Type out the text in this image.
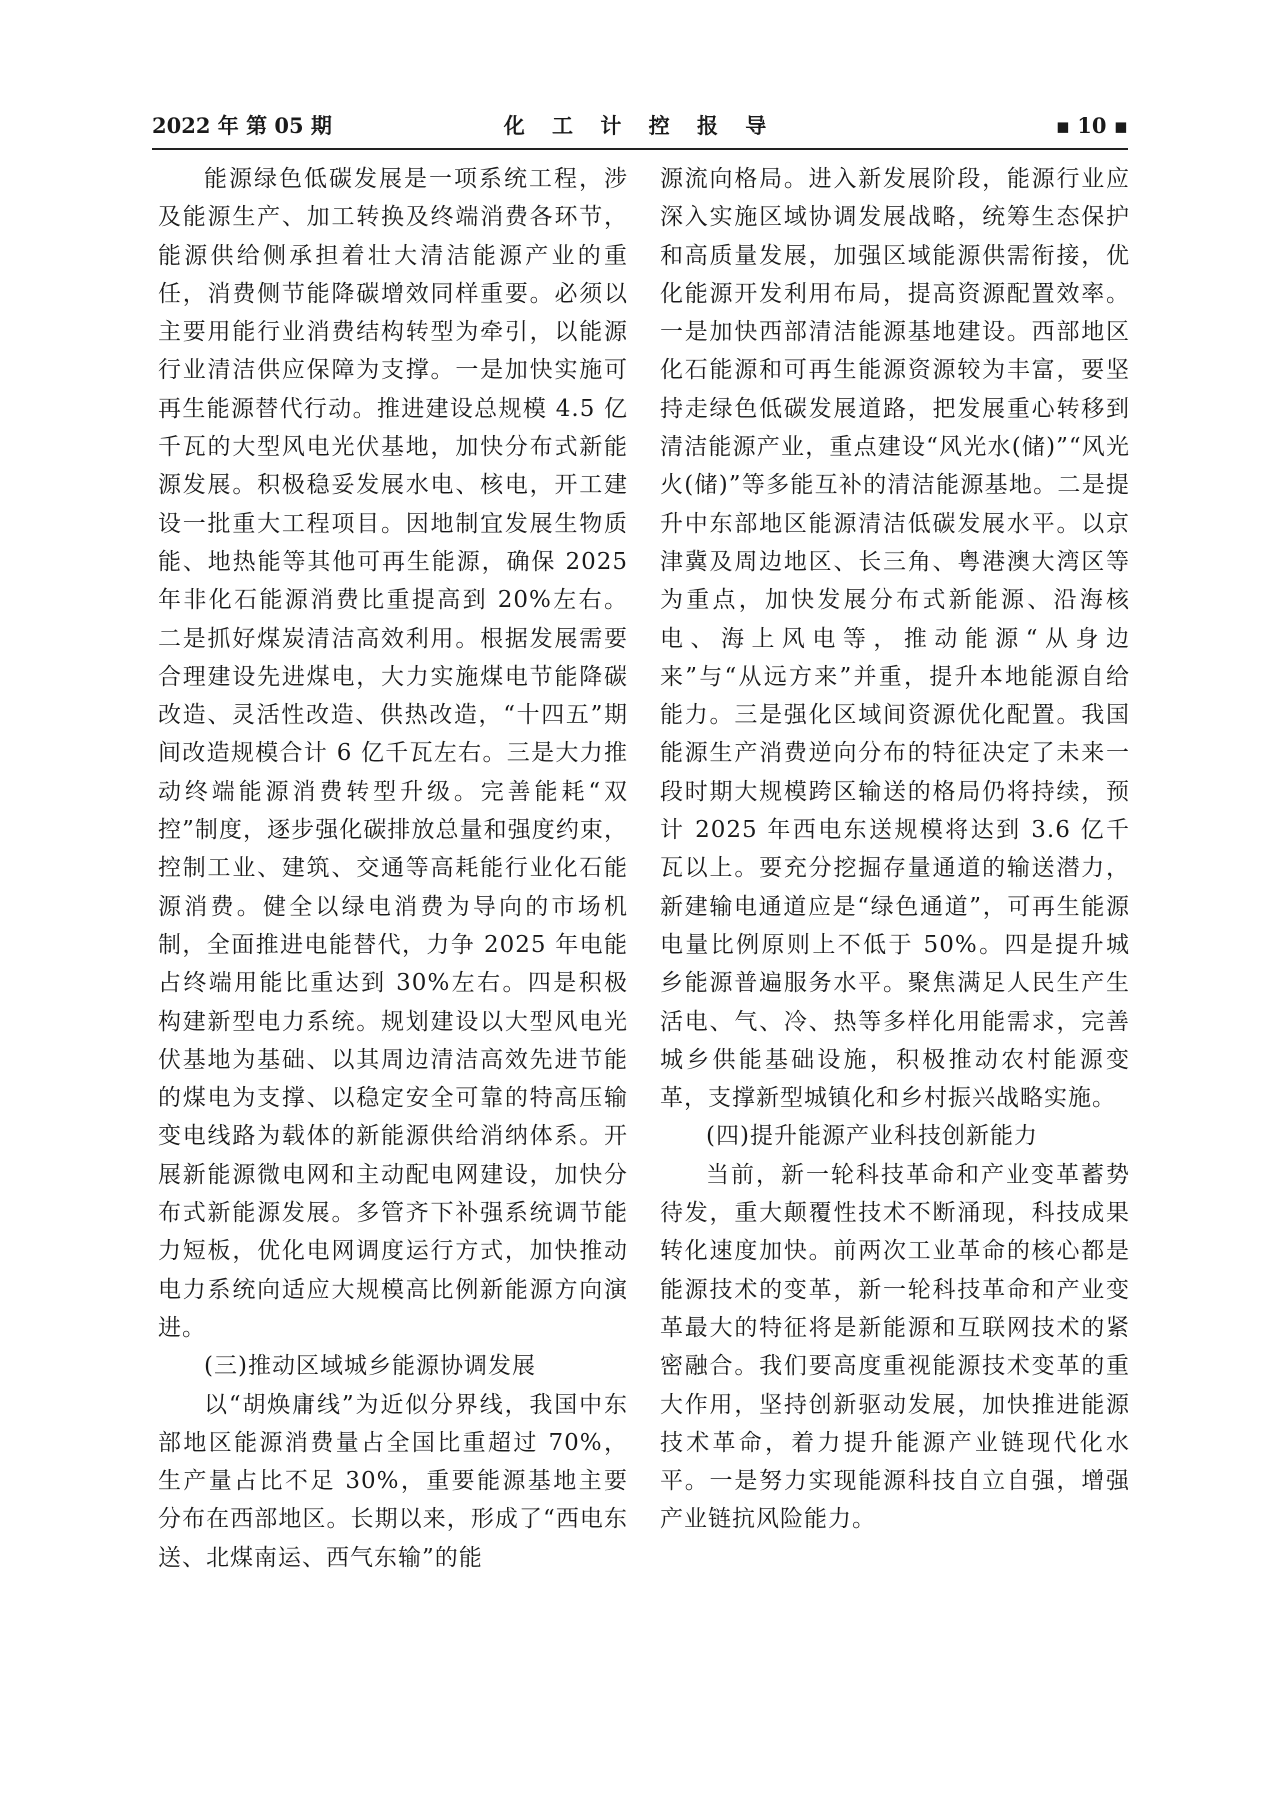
2022 年 第 05 期	化 工 计 控 报 导	▪ 10 ▪

能源绿色低碳发展是一项系统工程，涉及能源生产、加工转换及终端消费各环节，能源供给侧承担着壮大清洁能源产业的重任，消费侧节能降碳增效同样重要。必须以主要用能行业消费结构转型为牵引，以能源行业清洁供应保障为支撑。一是加快实施可再生能源替代行动。推进建设总规模 4.5 亿千瓦的大型风电光伏基地，加快分布式新能源发展。积极稳妥发展水电、核电，开工建设一批重大工程项目。因地制宜发展生物质能、地热能等其他可再生能源，确保 2025 年非化石能源消费比重提高到 20%左右。二是抓好煤炭清洁高效利用。根据发展需要合理建设先进煤电，大力实施煤电节能降碳改造、灵活性改造、供热改造，“十四五”期间改造规模合计 6 亿千瓦左右。三是大力推动终端能源消费转型升级。完善能耗“双控”制度，逐步强化碳排放总量和强度约束，控制工业、建筑、交通等高耗能行业化石能源消费。健全以绿电消费为导向的市场机制，全面推进电能替代，力争 2025 年电能占终端用能比重达到 30%左右。四是积极构建新型电力系统。规划建设以大型风电光伏基地为基础、以其周边清洁高效先进节能的煤电为支撑、以稳定安全可靠的特高压输变电线路为载体的新能源供给消纳体系。开展新能源微电网和主动配电网建设，加快分布式新能源发展。多管齐下补强系统调节能力短板，优化电网调度运行方式，加快推动电力系统向适应大规模高比例新能源方向演进。

(三)推动区域城乡能源协调发展

以“胡焕庸线”为近似分界线，我国中东部地区能源消费量占全国比重超过 70%，生产量占比不足 30%，重要能源基地主要分布在西部地区。长期以来，形成了“西电东送、北煤南运、西气东输”的能

源流向格局。进入新发展阶段，能源行业应深入实施区域协调发展战略，统筹生态保护和高质量发展，加强区域能源供需衔接，优化能源开发利用布局，提高资源配置效率。一是加快西部清洁能源基地建设。西部地区化石能源和可再生能源资源较为丰富，要坚持走绿色低碳发展道路，把发展重心转移到清洁能源产业，重点建设“风光水(储)”“风光火(储)”等多能互补的清洁能源基地。二是提升中东部地区能源清洁低碳发展水平。以京津冀及周边地区、长三角、粤港澳大湾区等为重点，加快发展分布式新能源、沿海核电、海上风电等，推动能源“从身边来”与“从远方来”并重，提升本地能源自给能力。三是强化区域间资源优化配置。我国能源生产消费逆向分布的特征决定了未来一段时期大规模跨区输送的格局仍将持续，预计 2025 年西电东送规模将达到 3.6 亿千瓦以上。要充分挖掘存量通道的输送潜力，新建输电通道应是“绿色通道”，可再生能源电量比例原则上不低于 50%。四是提升城乡能源普遍服务水平。聚焦满足人民生产生活电、气、冷、热等多样化用能需求，完善城乡供能基础设施，积极推动农村能源变革，支撑新型城镇化和乡村振兴战略实施。

(四)提升能源产业科技创新能力

当前，新一轮科技革命和产业变革蓄势待发，重大颠覆性技术不断涌现，科技成果转化速度加快。前两次工业革命的核心都是能源技术的变革，新一轮科技革命和产业变革最大的特征将是新能源和互联网技术的紧密融合。我们要高度重视能源技术变革的重大作用，坚持创新驱动发展，加快推进能源技术革命，着力提升能源产业链现代化水平。一是努力实现能源科技自立自强，增强产业链抗风险能力。
